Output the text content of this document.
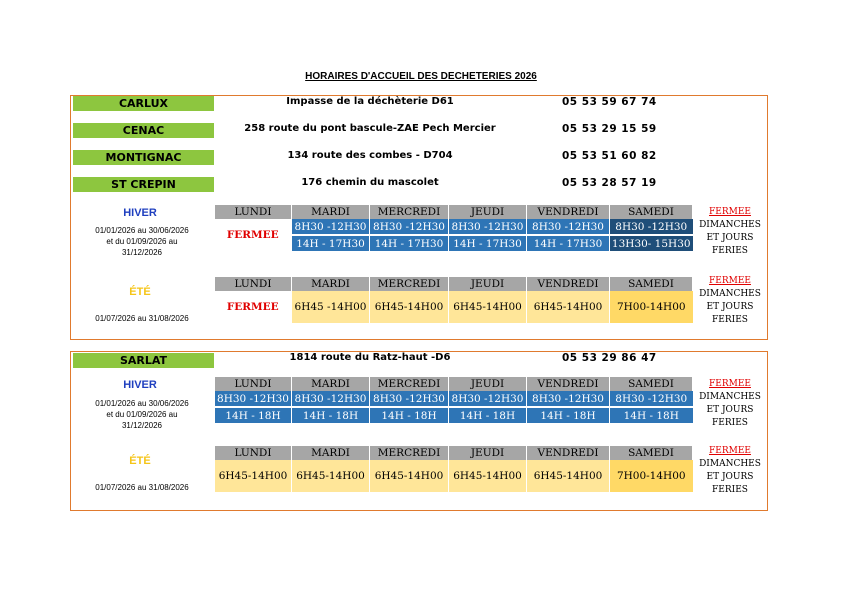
HORAIRES D'ACCUEIL DES DECHETERIES 2026
CARLUX	Impasse de la déchèterie D61	05 53 59 67 74
CENAC	258 route du pont bascule-ZAE Pech Mercier	05 53 29 15 59
MONTIGNAC	134 route des combes - D704	05 53 51 60 82
ST CREPIN	176 chemin du mascolet	05 53 28 57 19
HIVER
01/01/2026 au 30/06/2026
et du 01/09/2026 au
31/12/2026
LUNDI	MARDI	MERCREDI	JEUDI	VENDREDI	SAMEDI
FERMEE	8H30 -12H30	8H30 -12H30	8H30 -12H30	8H30 -12H30	8H30 -12H30

	14H - 17H30	14H - 17H30	14H - 17H30	14H - 17H30	13H30- 15H30
FERMEE
DIMANCHES
ET JOURS
FERIES
ÉTÉ
01/07/2026 au 31/08/2026
LUNDI	MARDI	MERCREDI	JEUDI	VENDREDI	SAMEDI
FERMEE	6H45 -14H00	6H45-14H00	6H45-14H00	6H45-14H00	7H00-14H00
FERMEE
DIMANCHES
ET JOURS
FERIES
SARLAT	1814 route du Ratz-haut -D6	05 53 29 86 47
HIVER
01/01/2026 au 30/06/2026
et du 01/09/2026 au
31/12/2026
LUNDI	MARDI	MERCREDI	JEUDI	VENDREDI	SAMEDI
8H30 -12H30	8H30 -12H30	8H30 -12H30	8H30 -12H30	8H30 -12H30	8H30 -12H30

14H - 18H	14H - 18H	14H - 18H	14H - 18H	14H - 18H	14H - 18H
FERMEE
DIMANCHES
ET JOURS
FERIES
ÉTÉ
01/07/2026 au 31/08/2026
LUNDI	MARDI	MERCREDI	JEUDI	VENDREDI	SAMEDI
6H45-14H00	6H45-14H00	6H45-14H00	6H45-14H00	6H45-14H00	7H00-14H00
FERMEE
DIMANCHES
ET JOURS
FERIES
